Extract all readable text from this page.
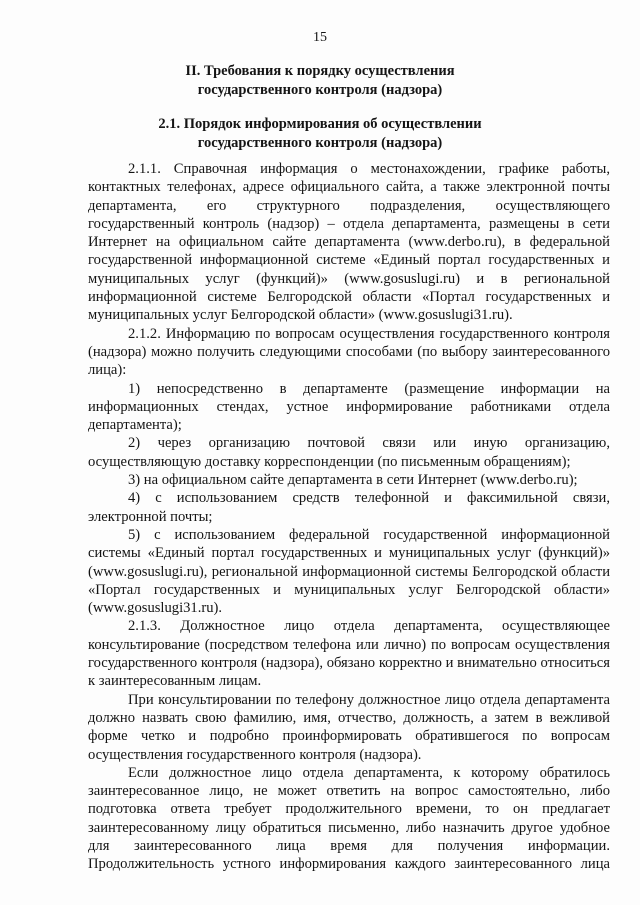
15
II. Требования к порядку осуществления
государственного контроля (надзора)
2.1. Порядок информирования об осуществлении
государственного контроля (надзора)

2.1.1. Справочная информация о местонахождении, графике работы, контактных телефонах, адресе официального сайта, а также электронной почты департамента, его структурного подразделения, осуществляющего государственный контроль (надзор) – отдела департамента, размещены в сети Интернет на официальном сайте департамента (www.derbo.ru), в федеральной государственной информационной системе «Единый портал государственных и муниципальных услуг (функций)» (www.gosuslugi.ru) и в региональной информационной системе Белгородской области «Портал государственных и муниципальных услуг Белгородской области» (www.gosuslugi31.ru).

2.1.2. Информацию по вопросам осуществления государственного контроля (надзора) можно получить следующими способами (по выбору заинтересованного лица):

1) непосредственно в департаменте (размещение информации на информационных стендах, устное информирование работниками отдела департамента);

2) через организацию почтовой связи или иную организацию, осуществляющую доставку корреспонденции (по письменным обращениям);

3) на официальном сайте департамента в сети Интернет (www.derbo.ru);

4) с использованием средств телефонной и факсимильной связи, электронной почты;

5) с использованием федеральной государственной информационной системы «Единый портал государственных и муниципальных услуг (функций)» (www.gosuslugi.ru), региональной информационной системы Белгородской области «Портал государственных и муниципальных услуг Белгородской области» (www.gosuslugi31.ru).

2.1.3. Должностное лицо отдела департамента, осуществляющее консультирование (посредством телефона или лично) по вопросам осуществления государственного контроля (надзора), обязано корректно и внимательно относиться к заинтересованным лицам.

При консультировании по телефону должностное лицо отдела департамента должно назвать свою фамилию, имя, отчество, должность, а затем в вежливой форме четко и подробно проинформировать обратившегося по вопросам осуществления государственного контроля (надзора).

Если должностное лицо отдела департамента, к которому обратилось заинтересованное лицо, не может ответить на вопрос самостоятельно, либо подготовка ответа требует продолжительного времени, то он предлагает заинтересованному лицу обратиться письменно, либо назначить другое удобное для заинтересованного лица время для получения информации. Продолжительность устного информирования каждого заинтересованного лица
